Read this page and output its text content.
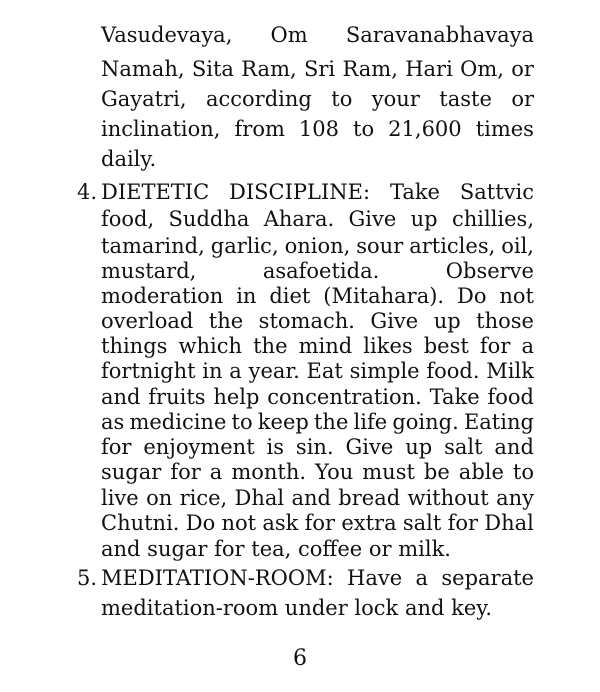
Vasudevaya, Om Saravanabhavaya
Namah, Sita Ram, Sri Ram, Hari Om, or
Gayatri, according to your taste or
inclination, from 108 to 21,600 times
daily.
4. DIETETIC DISCIPLINE: Take Sattvic
food, Suddha Ahara. Give up chillies,
tamarind, garlic, onion, sour articles, oil,
mustard,	asafoetida.	Observe
moderation in diet (Mitahara). Do not
overload the stomach. Give up those
things which the mind likes best for a
fortnight in a year. Eat simple food. Milk
and fruits help concentration. Take food
as medicine to keep the life going. Eating
for enjoyment is sin. Give up salt and
sugar for a month. You must be able to
live on rice, Dhal and bread without any
Chutni. Do not ask for extra salt for Dhal
and sugar for tea, coffee or milk.
5. MEDITATION-ROOM: Have a separate
meditation-room under lock and key.
6
